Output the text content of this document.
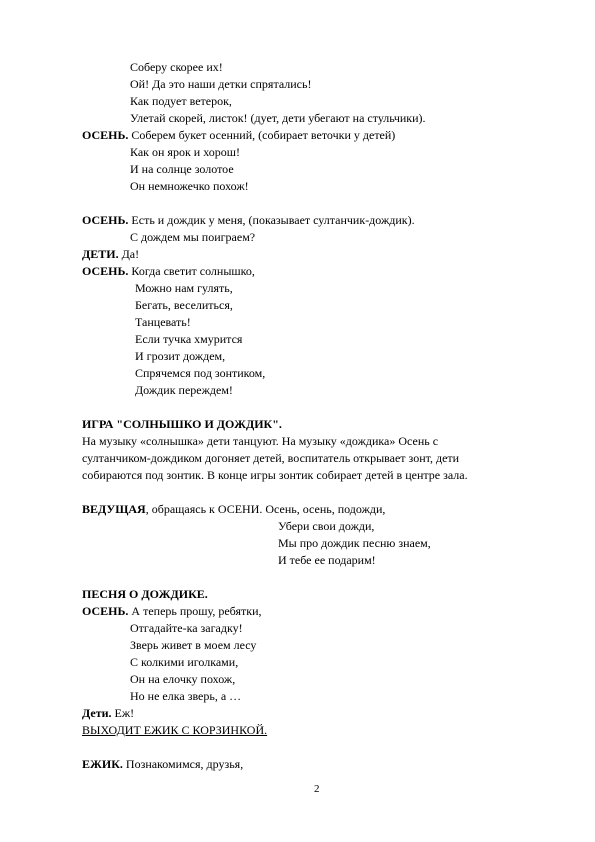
Соберу скорее их!
Ой! Да это наши детки спрятались!
Как подует ветерок,
Улетай скорей, листок! (дует, дети убегают на стульчики).
ОСЕНЬ. Соберем букет осенний, (собирает веточки у детей)
Как он ярок и хорош!
И на солнце золотое
Он немножечко похож!
ОСЕНЬ. Есть и дождик у меня, (показывает султанчик-дождик).
С дождем мы поиграем?
ДЕТИ. Да!
ОСЕНЬ. Когда светит солнышко,
Можно нам гулять,
Бегать, веселиться,
Танцевать!
Если тучка хмурится
И грозит дождем,
Спрячемся под зонтиком,
Дождик переждем!
ИГРА "СОЛНЫШКО И ДОЖДИК".
На музыку «солнышка» дети танцуют. На музыку «дождика» Осень с
султанчиком-дождиком догоняет детей, воспитатель открывает зонт, дети
собираются под зонтик. В конце игры зонтик собирает детей в центре зала.
ВЕДУЩАЯ, обращаясь к ОСЕНИ. Осень, осень, подожди,
Убери свои дожди,
Мы про дождик песню знаем,
И тебе ее подарим!
ПЕСНЯ О ДОЖДИКЕ.
ОСЕНЬ. А теперь прошу, ребятки,
Отгадайте-ка загадку!
Зверь живет в моем лесу
С колкими иголками,
Он на елочку похож,
Но не елка зверь, а …
Дети. Еж!
ВЫХОДИТ ЕЖИК С КОРЗИНКОЙ.
ЕЖИК. Познакомимся, друзья,
2
